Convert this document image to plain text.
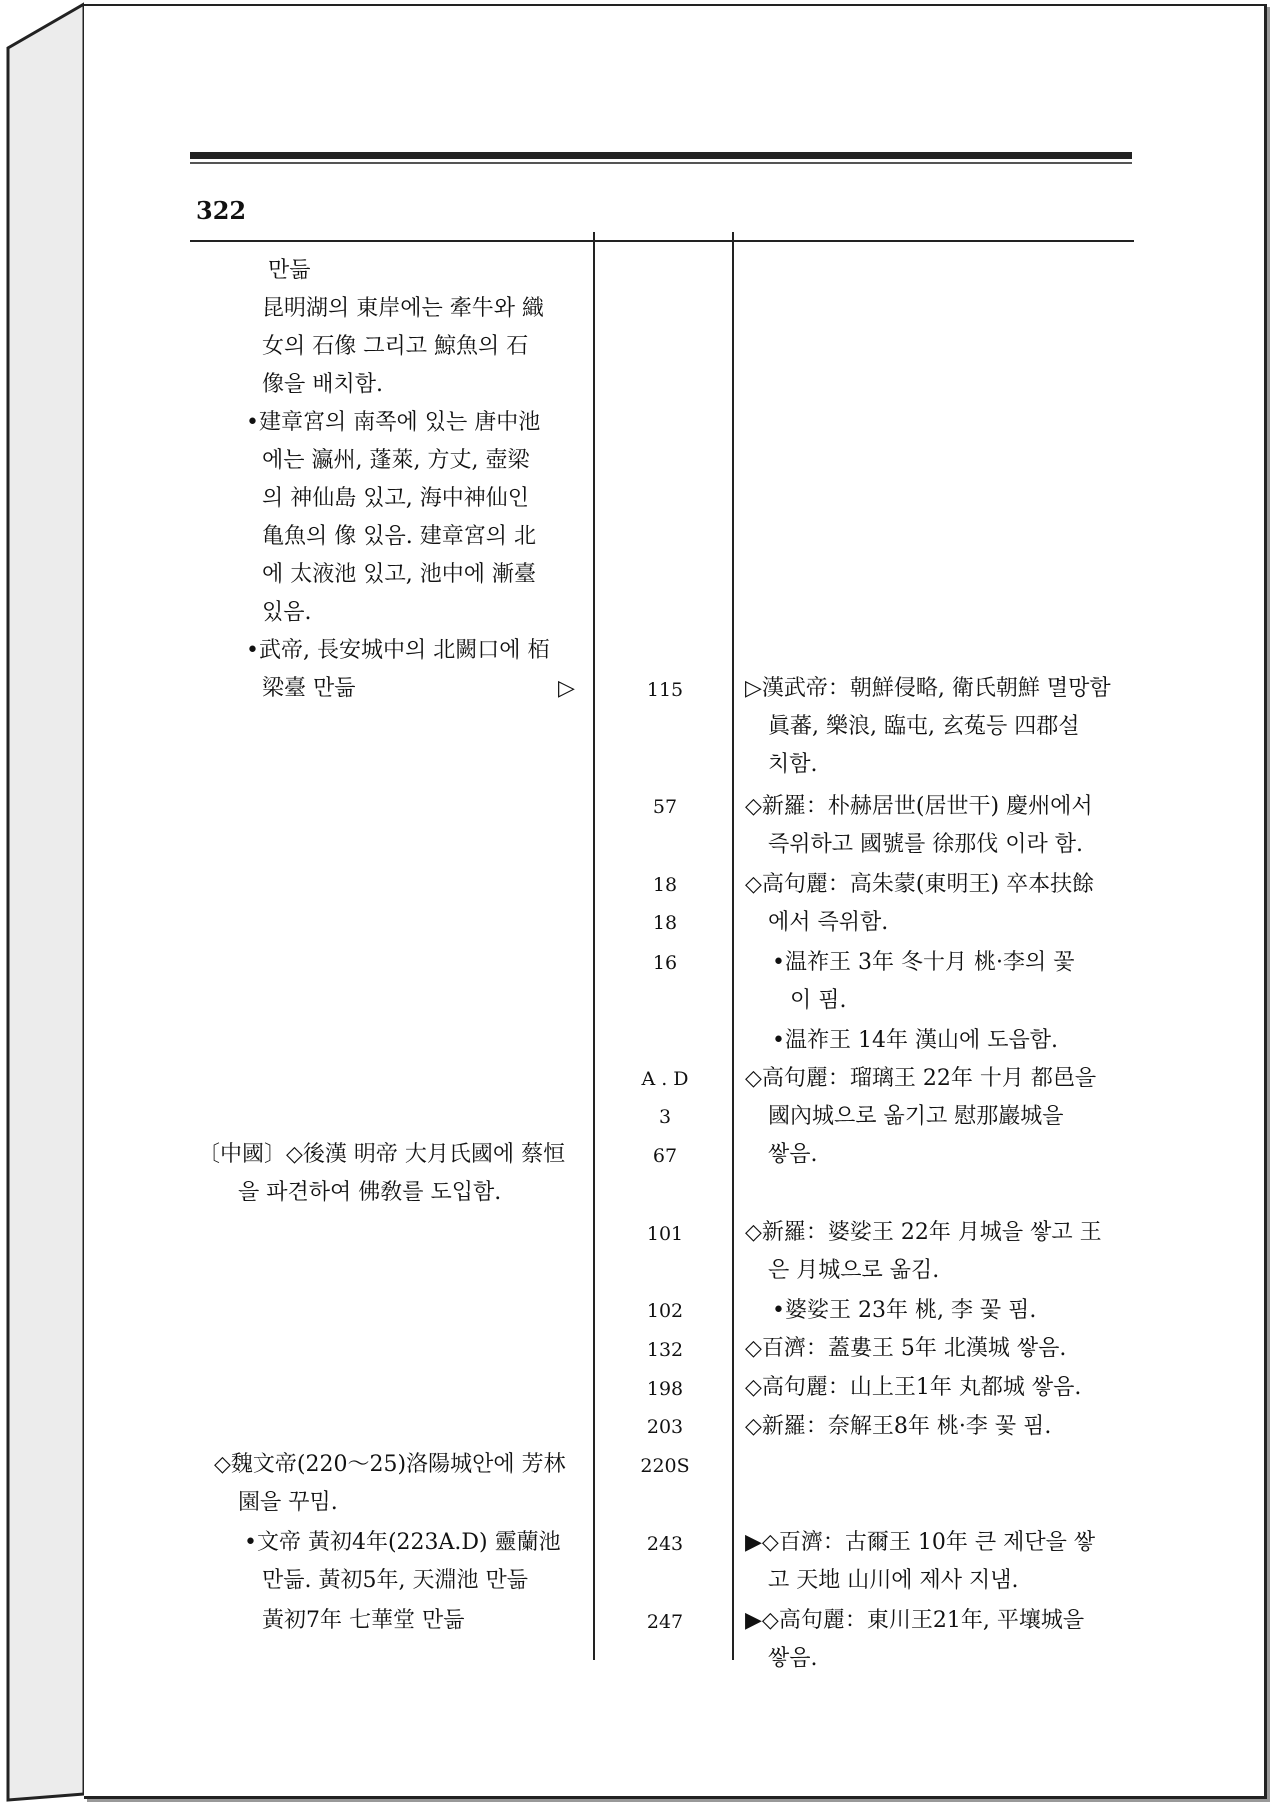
322
만듦
昆明湖의 東岸에는 牽牛와 織
女의 石像 그리고 鯨魚의 石
像을 배치함.
•建章宮의 南쪽에 있는 唐中池
에는 瀛州, 蓬萊, 方丈, 壺梁
의 神仙島 있고, 海中神仙인
亀魚의 像 있음. 建章宮의 北
에 太液池 있고, 池中에 漸臺
있음.
•武帝, 長安城中의 北闕口에 栢
梁臺 만듦	▷
〔中國〕◇後漢 明帝 大月氏國에 蔡恒
을 파견하여 佛敎를 도입함.
◇魏文帝(220～25)洛陽城안에 芳林
園을 꾸밈.
•文帝 黃初4年(223A.D) 靈蘭池
만듦. 黃初5年, 天淵池 만듦
黃初7年 七華堂 만듦
115
57
18
18
16
A . D
3
67
101
102
132
198
203
220S
243
247
▷漢武帝：朝鮮侵略, 衛氏朝鮮 멸망함
眞蕃, 樂浪, 臨屯, 玄菟등 四郡설
치함.
◇新羅：朴赫居世(居世干) 慶州에서
즉위하고 國號를 徐那伐 이라 함.
◇高句麗：高朱蒙(東明王) 卒本扶餘
에서 즉위함.
•温祚王 3年 冬十月 桃·李의 꽃
이 핌.
•温祚王 14年 漢山에 도읍함.
◇高句麗：瑠璃王 22年 十月 都邑을
國內城으로 옮기고 慰那巖城을
쌓음.
◇新羅：婆娑王 22年 月城을 쌓고 王
은 月城으로 옮김.
•婆娑王 23年 桃, 李 꽃 핌.
◇百濟：蓋婁王 5年 北漢城 쌓음.
◇高句麗：山上王1年 丸都城 쌓음.
◇新羅：奈解王8年 桃·李 꽃 핌.
▶◇百濟：古爾王 10年 큰 제단을 쌓
고 天地 山川에 제사 지냄.
▶◇高句麗：東川王21年, 平壤城을
쌓음.
